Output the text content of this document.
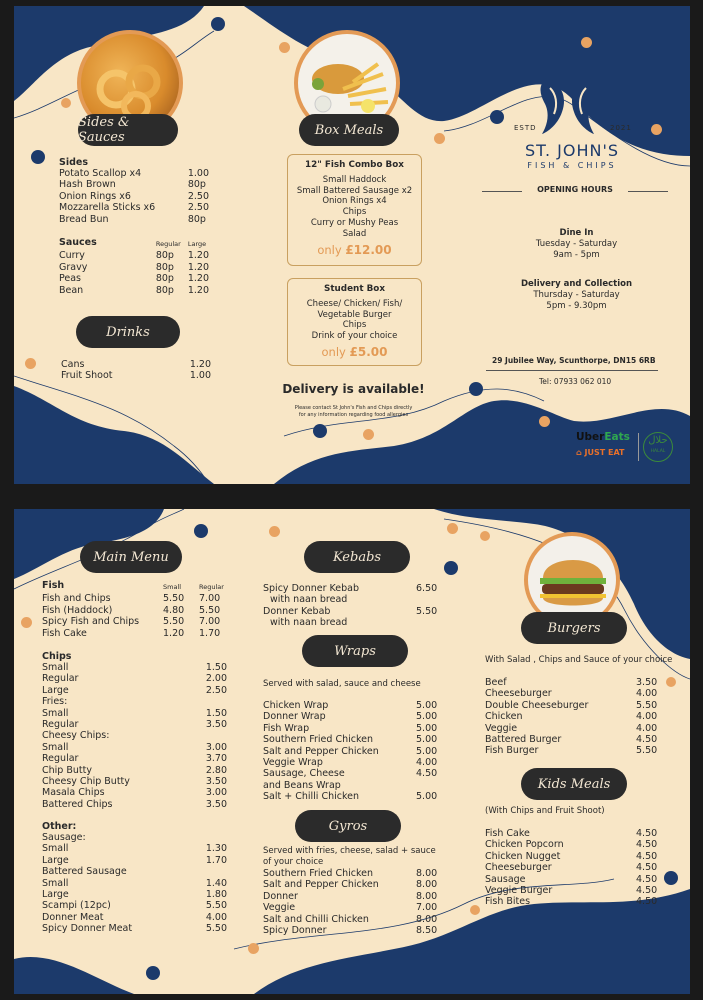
Sides & Sauces	Box Meals
Drinks
Sides
Potato Scallop x4	1.00
Hash Brown	80p
Onion Rings x6	2.50
Mozzarella Sticks x6	2.50
Bread Bun	80p
Sauces	Regular	Large
Curry	80p	1.20
Gravy	80p	1.20
Peas	80p	1.20
Bean	80p	1.20
Cans	1.20
Fruit Shoot	1.00
12" Fish Combo Box
Small Haddock
Small Battered Sausage x2
Onion Rings x4
Chips
Curry or Mushy Peas
Salad
only £12.00
Student Box
Cheese/ Chicken/ Fish/
Vegetable Burger
Chips
Drink of your choice
only £5.00
Delivery is available!
Please contact St John's Fish and Chips directly
for any information regarding food allergies
ESTD	2021
ST. JOHN'S
FISH & CHIPS
OPENING HOURS
Dine In
Tuesday - Saturday
9am - 5pm
Delivery and Collection
Thursday - Saturday
5pm - 9.30pm
29 Jubilee Way, Scunthorpe, DN15 6RB
Tel: 07933 062 010
UberEats
⌂ JUST EAT
حلال
HALAL
Main Menu	Kebabs
Wraps
Gyros
Burgers
Kids Meals
Fish	Small	Regular
Fish and Chips	5.50	7.00
Fish (Haddock)	4.80	5.50
Spicy Fish and Chips	5.50	7.00
Fish Cake	1.20	1.70
Chips
Small	1.50
Regular	2.00
Large	2.50
Fries:	
Small	1.50
Regular	3.50
Cheesy Chips:	
Small	3.00
Regular	3.70
Chip Butty	2.80
Cheesy Chip Butty	3.50
Masala Chips	3.00
Battered Chips	3.50
Other:
Sausage:	
Small	1.30
Large	1.70
Battered Sausage	
Small	1.40
Large	1.80
Scampi (12pc)	5.50
Donner Meat	4.00
Spicy Donner Meat	5.50
Spicy Donner Kebab	6.50
with naan bread	
Donner Kebab	5.50
with naan bread	
Served with salad, sauce and cheese
Chicken Wrap	5.00
Donner Wrap	5.00
Fish Wrap	5.00
Southern Fried Chicken	5.00
Salt and Pepper Chicken	5.00
Veggie Wrap	4.00
Sausage, Cheese	4.50
and Beans Wrap	
Salt + Chilli Chicken	5.00
Served with fries, cheese, salad + sauce
of your choice
Southern Fried Chicken	8.00
Salt and Pepper Chicken	8.00
Donner	8.00
Veggie	7.00
Salt and Chilli Chicken	8.00
Spicy Donner	8.50
With Salad , Chips and Sauce of your choice
Beef	3.50
Cheeseburger	4.00
Double Cheeseburger	5.50
Chicken	4.00
Veggie	4.00
Battered Burger	4.50
Fish Burger	5.50
(With Chips and Fruit Shoot)
Fish Cake	4.50
Chicken Popcorn	4.50
Chicken Nugget	4.50
Cheeseburger	4.50
Sausage	4.50
Veggie Burger	4.50
Fish Bites	4.50
